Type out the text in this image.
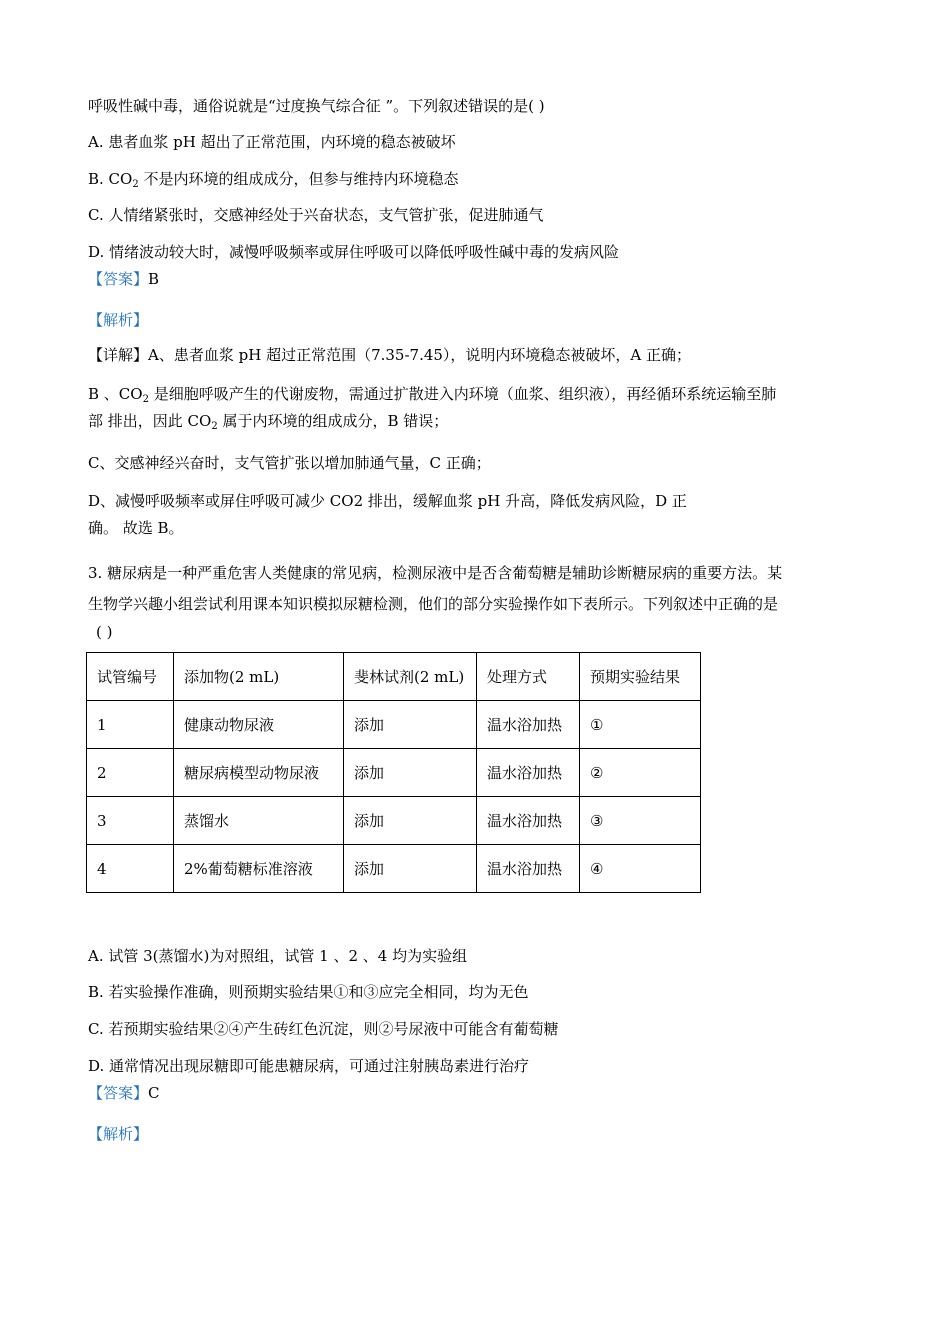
呼吸性碱中毒，通俗说就是“过度换气综合征 ”。下列叙述错误的是( )
A. 患者血浆 pH 超出了正常范围，内环境的稳态被破坏
B. $CO_2$ 不是内环境的组成成分，但参与维持内环境稳态
C. 人情绪紧张时，交感神经处于兴奋状态，支气管扩张，促进肺通气
D. 情绪波动较大时，减慢呼吸频率或屏住呼吸可以降低呼吸性碱中毒的发病风险
【答案】B
【解析】
【详解】A、患者血浆 pH 超过正常范围（7.35-7.45），说明内环境稳态被破坏，A 正确；
B 、$CO_2$ 是细胞呼吸产生的代谢废物，需通过扩散进入内环境（血浆、组织液），再经循环系统运输至肺
部 排出，因此 $CO_2$ 属于内环境的组成成分，B 错误；
C、交感神经兴奋时，支气管扩张以增加肺通气量，C 正确；
D、减慢呼吸频率或屏住呼吸可减少 CO2 排出，缓解血浆 pH 升高，降低发病风险，D 正
确。 故选 B。
3. 糖尿病是一种严重危害人类健康的常见病，检测尿液中是否含葡萄糖是辅助诊断糖尿病的重要方法。某
生物学兴趣小组尝试利用课本知识模拟尿糖检测，他们的部分实验操作如下表所示。下列叙述中正确的是
( )
试管编号	添加物(2 mL)	斐林试剂(2 mL)	处理方式	预期实验结果
1	健康动物尿液	添加	温水浴加热	①
2	糖尿病模型动物尿液	添加	温水浴加热	②
3	蒸馏水	添加	温水浴加热	③
4	2%葡萄糖标准溶液	添加	温水浴加热	④
A. 试管 3(蒸馏水)为对照组，试管 1 、2 、4 均为实验组
B. 若实验操作准确，则预期实验结果①和③应完全相同，均为无色
C. 若预期实验结果②④产生砖红色沉淀，则②号尿液中可能含有葡萄糖
D. 通常情况出现尿糖即可能患糖尿病，可通过注射胰岛素进行治疗
【答案】C
【解析】
